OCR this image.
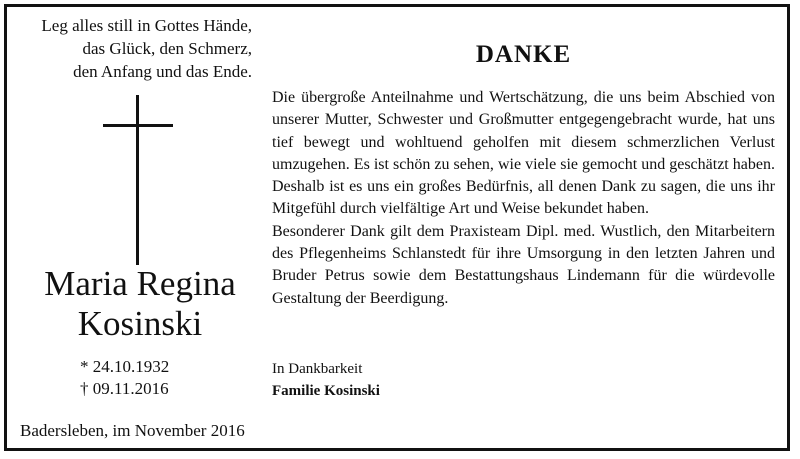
Leg alles still in Gottes Hände,
das Glück, den Schmerz,
den Anfang und das Ende.
Maria Regina
Kosinski
* 24.10.1932
† 09.11.2016
Badersleben, im November 2016
DANKE

Die übergroße Anteilnahme und Wertschätzung, die uns beim Abschied von unserer Mutter, Schwester und Großmutter entgegengebracht wurde, hat uns tief bewegt und wohltuend geholfen mit diesem schmerzlichen Verlust umzugehen. Es ist schön zu sehen, wie viele sie gemocht und geschätzt haben. Deshalb ist es uns ein großes Bedürfnis, all denen Dank zu sagen, die uns ihr Mitgefühl durch vielfältige Art und Weise bekundet haben.

Besonderer Dank gilt dem Praxisteam Dipl. med. Wustlich, den Mitarbeitern des Pflegenheims Schlanstedt für ihre Umsorgung in den letzten Jahren und Bruder Petrus sowie dem Bestattungshaus Lindemann für die würdevolle Gestaltung der Beerdigung.

In Dankbarkeit
Familie Kosinski
